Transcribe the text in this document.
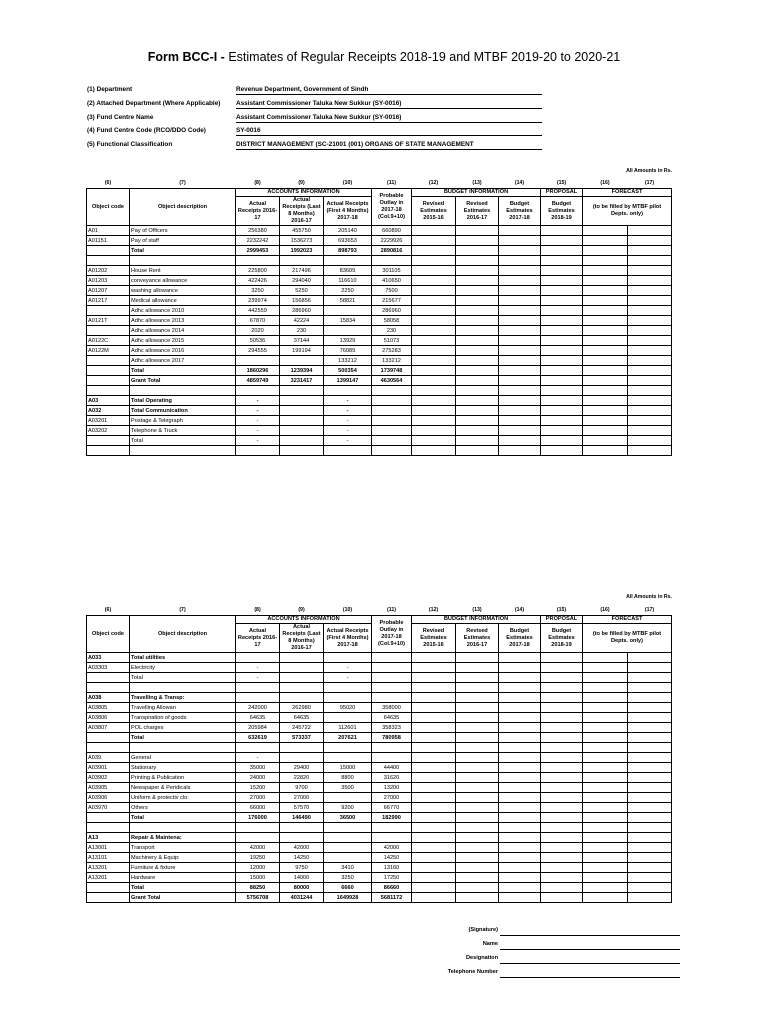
Form BCC-I - Estimates of Regular Receipts 2018-19 and MTBF 2019-20 to 2020-21
(1) Department	Revenue Department, Government of Sindh
(2) Attached Department (Where Applicable) Assistant Commissioner Taluka New Sukkur (SY-0016)
(3) Fund Centre Name	Assistant Commissioner Taluka New Sukkur (SY-0016)
(4) Fund Centre Code (RCO/DDO Code)	SY-0016
(5) Functional Classification	DISTRICT MANAGEMENT (SC-21001 (001) ORGANS OF STATE MANAGEMENT
All Amounts in Rs.
(6)	(7)	(8)	(9)	(10)	(11)	(12)	(13)	(14)	(15)	(16)	(17)
Object code	Object description	ACCOUNTS INFORMATION			Probable Outlay in 2017-18 (Col.9+10)	BUDGET INFORMATION			PROPOSAL	FORECAST	
		Actual Receipts 2016-17	Actual Receipts (Last 8 Months) 2016-17	Actual Receipts (First 4 Months) 2017-18		Revised Estimates 2015-16	Revised Estimates 2016-17	Budget Estimates 2017-18	Budget Estimates 2018-19	(to be filled by MTBF pilot Depts. only)	
A01	Pay of Officers	256380	455750	205140	660890						
A01151	Pay of staff	2232242	1536273	693653	2229926						
	Total	2999453	1992023	898793	2890816						

A01202	House Rent	225800	217496	83609	301105						
A01203	conveyance allowance	422426	294040	116610	410650						
A01207	washing allowance	3250	5250	2250	7500						
A01217	Medical allowance	239974	156856	58821	215677						
	Adhc allowance 2010	442559	286960		286960						
A0121T	Adhc allowance 2013	67870	42224	15834	58058						
	Adhc allowance 2014	2020	230		230						
A0122C	Adhc allowance 2015	50536	37144	13929	51073						
A0122M	Adhc allowance 2016	294555	199194	76089	275283						
	Adhc allowance 2017			133212	133212						
	Total	1860296	1239394	500354	1739748						
	Grant Total	4859749	3231417	1399147	4630564						

A03	Total Operating	-		-							
A032	Total Communication	-		-							
A03201	Postage & Telegraph	-		-							
A03202	Telephone & Truck	-		-							
	Total	-		-							

All Amounts in Rs.
(6)	(7)	(8)	(9)	(10)	(11)	(12)	(13)	(14)	(15)	(16)	(17)
Object code	Object description	ACCOUNTS INFORMATION			Probable Outlay in 2017-18 (Col.9+10)	BUDGET INFORMATION			PROPOSAL	FORECAST	
		Actual Receipts 2016-17	Actual Receipts (Last 8 Months) 2016-17	Actual Receipts (First 4 Months) 2017-18		Revised Estimates 2015-16	Revised Estimates 2016-17	Budget Estimates 2017-18	Budget Estimates 2018-19	(to be filled by MTBF pilot Depts. only)	
A033	Total utilities										
A03303	Electricity	-		-							
	Total	-		-							

A038	Travelling & Transp:										
A03805	Travelling Allowan	242000	262980	95020	358000						
A03806	Transpiration of goods	64635	64635		64635						
A03807	POL charges	205984	245722	112601	358323						
	Total	632619	573337	207621	780958						

A039	General	-									
A03901	Stationary	35000	29400	15000	44400						
A03902	Printing & Publication	24000	22820	8800	31620						
A03905	Newspaper & Peridicals	15200	9700	3500	13200						
A03906	Uniform & protectiv clo:	27000	27000		27000						
A03970	Others	66000	57570	9200	66770						
	Total	176000	146490	36500	182990						

A13	Repair & Maintena:										
A13001	Transport	42000	42000		42000						
A13101	Machinery & Equip:	19250	14250		14250						
A13201	Furniture & fixture	12000	9750	3410	13160						
A13201	Hardware	15000	14000	3250	17250						
	Total	88250	80000	6660	86660						
	Grant Total	5756708	4031244	1649928	5681172						
(Signature)
Name
Designation
Telephone Number
